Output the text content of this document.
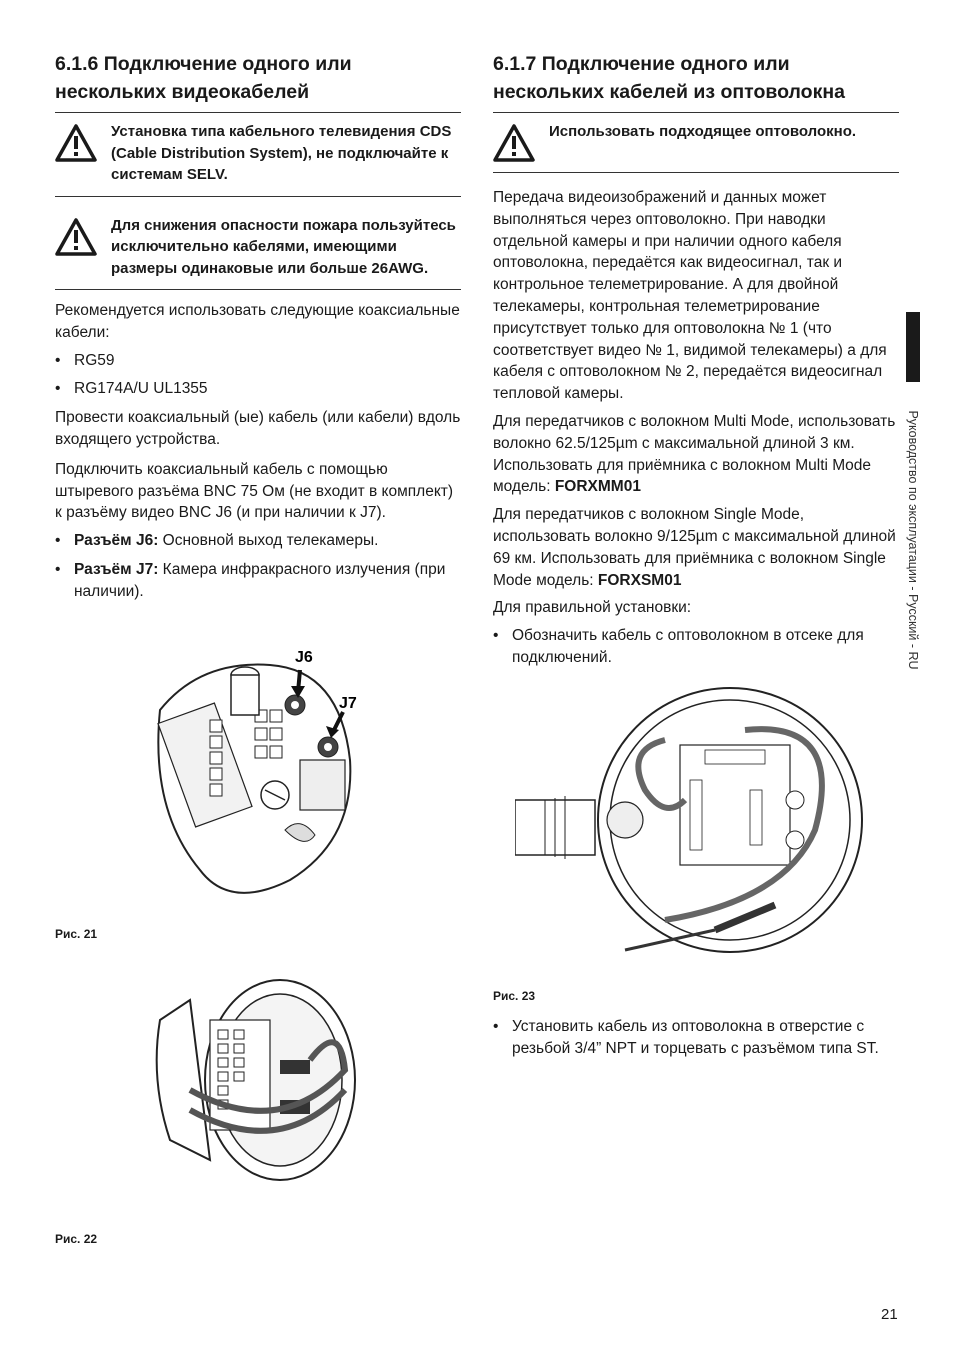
6.1.6 Подключение одного или нескольких видеокабелей

Установка типа кабельного телевидения CDS (Cable Distribution System), не подключайте к системам SELV.

Для снижения опасности пожара пользуйтесь исключительно кабелями, имеющими размеры одинаковые или больше 26AWG.

Рекомендуется использовать следующие коаксиальные кабели:

• RG59
• RG174A/U UL1355

Провести коаксиальный (ые) кабель (или кабели) вдоль входящего устройства.

Подключить коаксиальный кабель с помощью штыревого разъёма BNC 75 Ом (не входит в комплект) к разъёму видео BNC J6 (и при наличии к J7).

• Разъём J6: Основной выход телекамеры.
• Разъём J7: Камера инфракрасного излучения (при наличии).
J6
J7
Рис. 21
Рис. 22
6.1.7 Подключение одного или нескольких кабелей из оптоволокна

Использовать подходящее оптоволокно.

Передача видеоизображений и данных может выполняться через оптоволокно. При наводки отдельной камеры и при наличии одного кабеля оптоволокна, передаётся как видеосигнал, так и контрольное телеметрирование. А для двойной телекамеры, контрольная телеметрирование присутствует только для оптоволокна № 1 (что соответствует видео № 1, видимой телекамеры) а для кабеля с оптоволокном № 2, передаётся видеосигнал тепловой камеры.

Для передатчиков с волокном Multi Mode, использовать волокно 62.5/125µm с максимальной длиной 3 км. Использовать для приёмника с волокном Multi Mode модель: FORXMM01

Для передатчиков с волокном Single Mode, использовать волокно 9/125µm с максимальной длиной 69 км. Использовать для приёмника с волокном Single Mode модель: FORXSM01

Для правильной установки:

• Обозначить кабель с оптоволокном в отсеке для подключений.
Рис. 23
• Установить кабель из оптоволокна в отверстие с резьбой 3/4” NPT и торцевать с разъёмом типа ST.
Руководство по эксплуатации - Русский - RU
21
